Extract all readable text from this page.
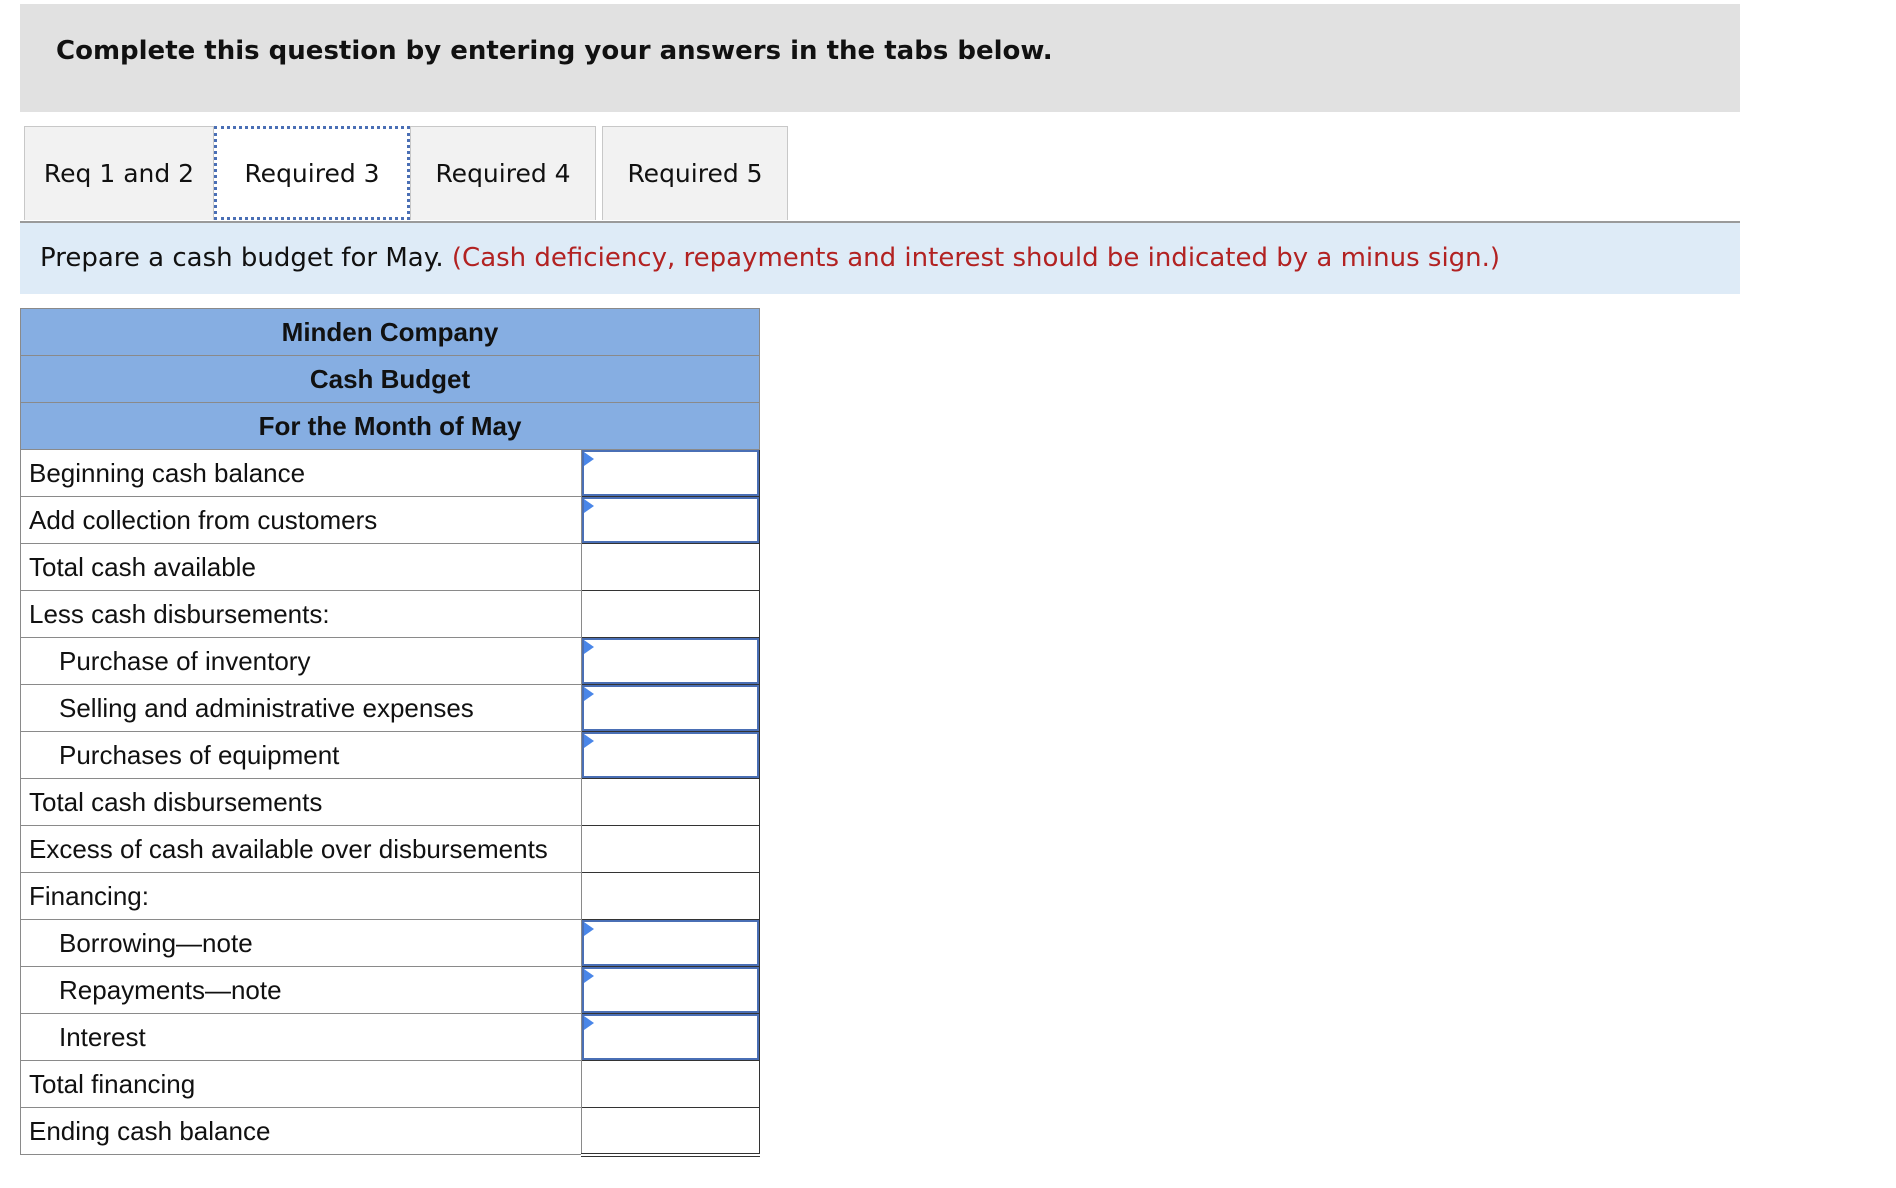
Complete this question by entering your answers in the tabs below.
Req 1 and 2	Required 3	Required 4	Required 5
Prepare a cash budget for May. (Cash deficiency, repayments and interest should be indicated by a minus sign.)
Minden Company	
Cash Budget	
For the Month of May	
Beginning cash balance	
Add collection from customers	
Total cash available	
Less cash disbursements:	
Purchase of inventory	
Selling and administrative expenses	
Purchases of equipment	
Total cash disbursements	
Excess of cash available over disbursements	
Financing:	
Borrowing—note	
Repayments—note	
Interest	
Total financing	
Ending cash balance	
